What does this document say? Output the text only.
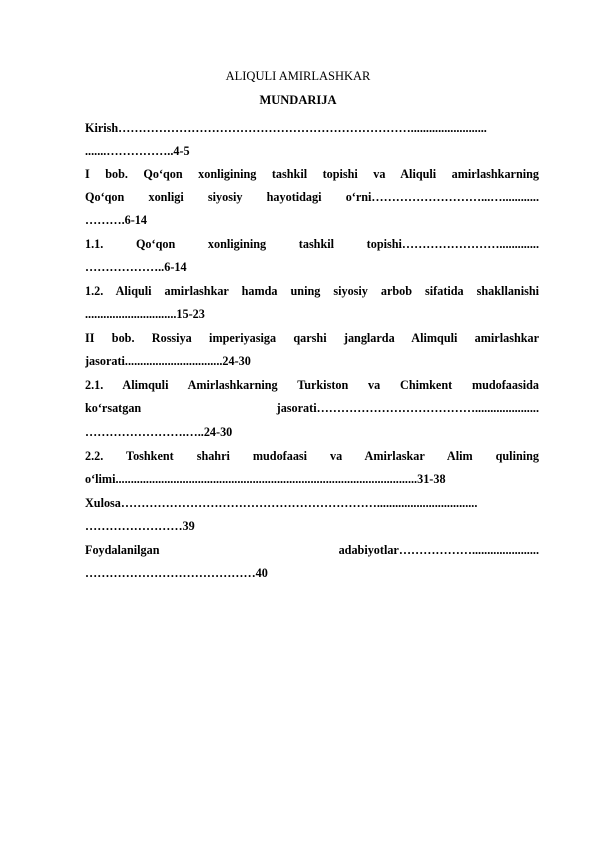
ALIQULI AMIRLASHKAR
MUNDARIJA
Kirish……………………………………………………………….........................
.......……………..4-5
I bob. Qo‘qon xonligining tashkil topishi va Aliquli amirlashkarning
Qo‘qon xonligi siyosiy hayotidagi o‘rni………………………...…............
……….6-14
1.1. Qo‘qon xonligining tashkil topishi…………………….............
………………..6-14
1.2. Aliquli amirlashkar hamda uning siyosiy arbob sifatida shakllanishi
..............................15-23
II bob. Rossiya imperiyasiga qarshi janglarda Alimquli amirlashkar
jasorati................................24-30
2.1. Alimquli Amirlashkarning Turkiston va Chimkent mudofaasida
ko‘rsatgan jasorati………………………………….....................
…………………….…..24-30
2.2. Toshkent shahri mudofaasi va Amirlaskar Alim qulining
o‘limi...................................................................................................31-38
Xulosa……………………………………………………….................................
……………………39
Foydalanilgan adabiyotlar………………......................
……………………………………40
